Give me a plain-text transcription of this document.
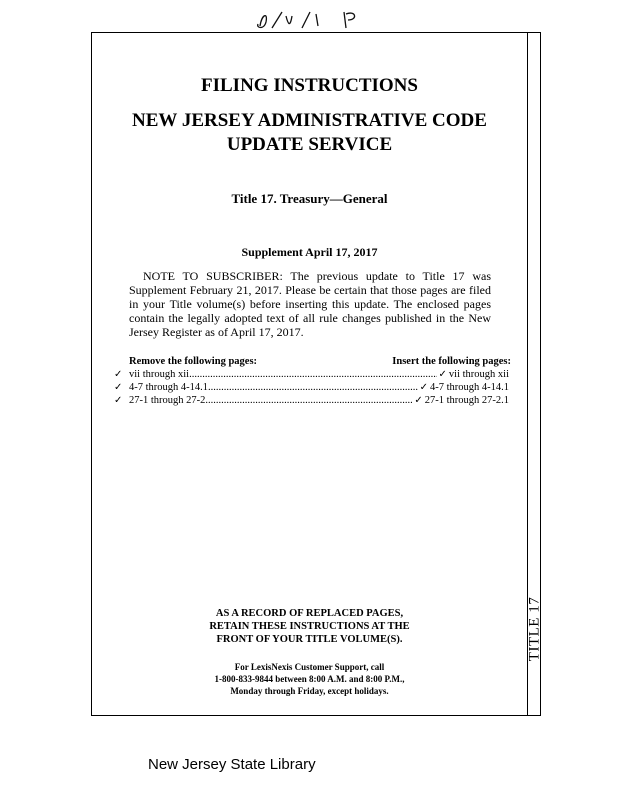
FILING INSTRUCTIONS
NEW JERSEY ADMINISTRATIVE CODE
UPDATE SERVICE
Title 17. Treasury—General
Supplement April 17, 2017
NOTE TO SUBSCRIBER: The previous update to Title 17 was Supplement February 21, 2017. Please be certain that those pages are filed in your Title volume(s) before inserting this update. The enclosed pages contain the legally adopted text of all rule changes published in the New Jersey Register as of April 17, 2017.
Remove the following pages:	Insert the following pages:
✓ vii through xii .....	✓ vii through xii
✓ 4-7 through 4-14.1 .....	✓ 4-7 through 4-14.1
✓ 27-1 through 27-2 .....	✓ 27-1 through 27-2.1
AS A RECORD OF REPLACED PAGES,
RETAIN THESE INSTRUCTIONS AT THE
FRONT OF YOUR TITLE VOLUME(S).
For LexisNexis Customer Support, call
1-800-833-9844 between 8:00 A.M. and 8:00 P.M.,
Monday through Friday, except holidays.
TITLE 17
New Jersey State Library
